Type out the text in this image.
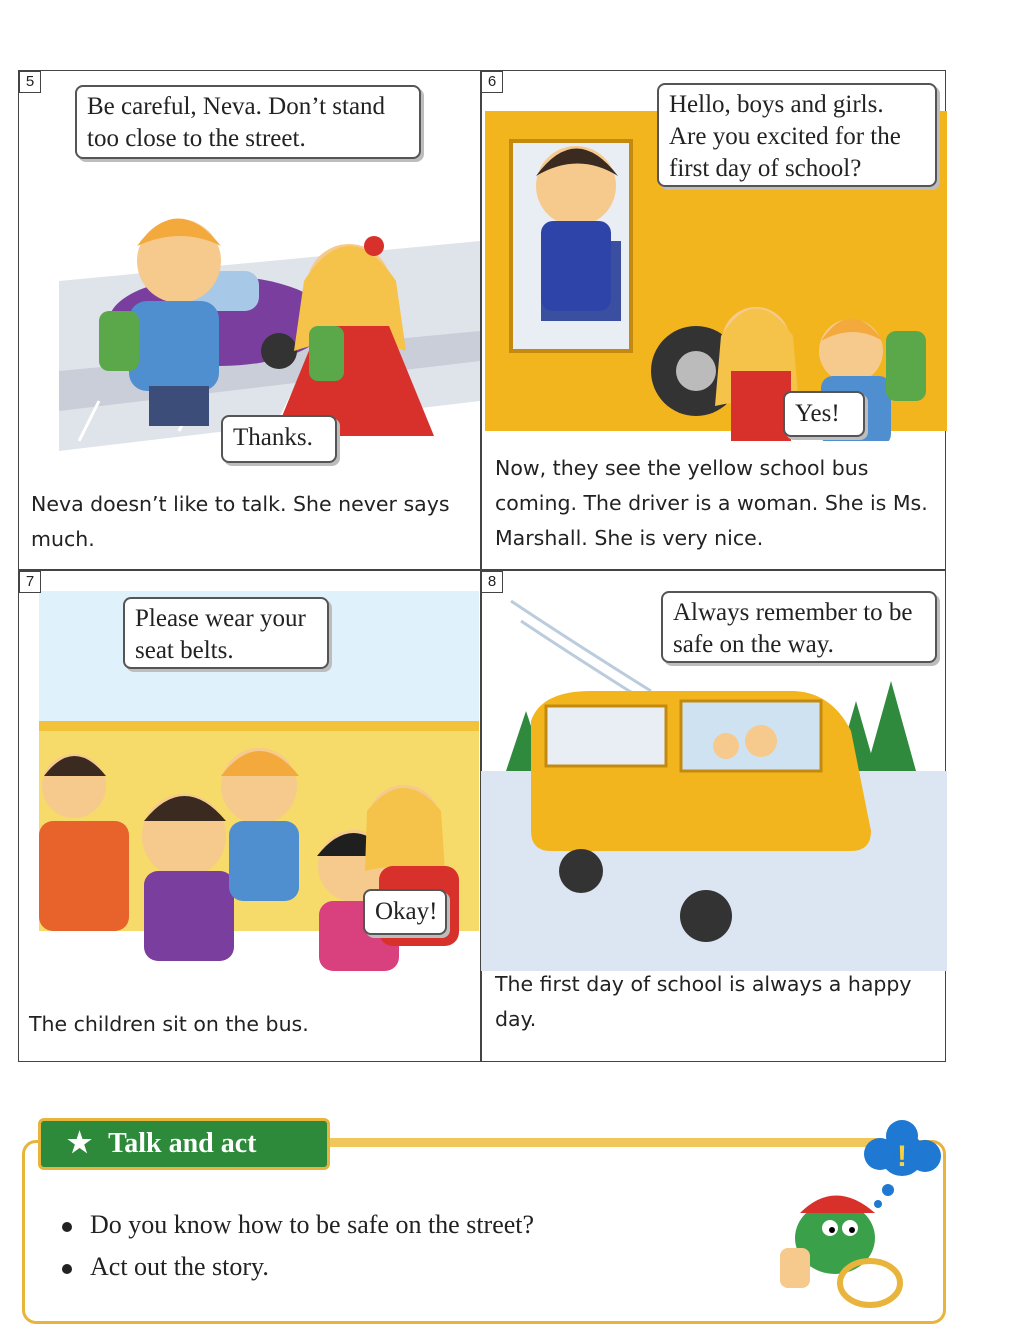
5
Be careful, Neva. Don’t stand too close to the street.
Thanks.
Neva doesn’t like to talk. She never says much.
6
Hello, boys and girls. Are you excited for the first day of school?
Yes!
Now, they see the yellow school bus coming. The driver is a woman. She is Ms. Marshall. She is very nice.
7
Please wear your seat belts.
Okay!
The children sit on the bus.
8
Always remember to be safe on the way.
The first day of school is always a happy day.
★ Talk and act
Do you know how to be safe on the street?
Act out the story.
!
